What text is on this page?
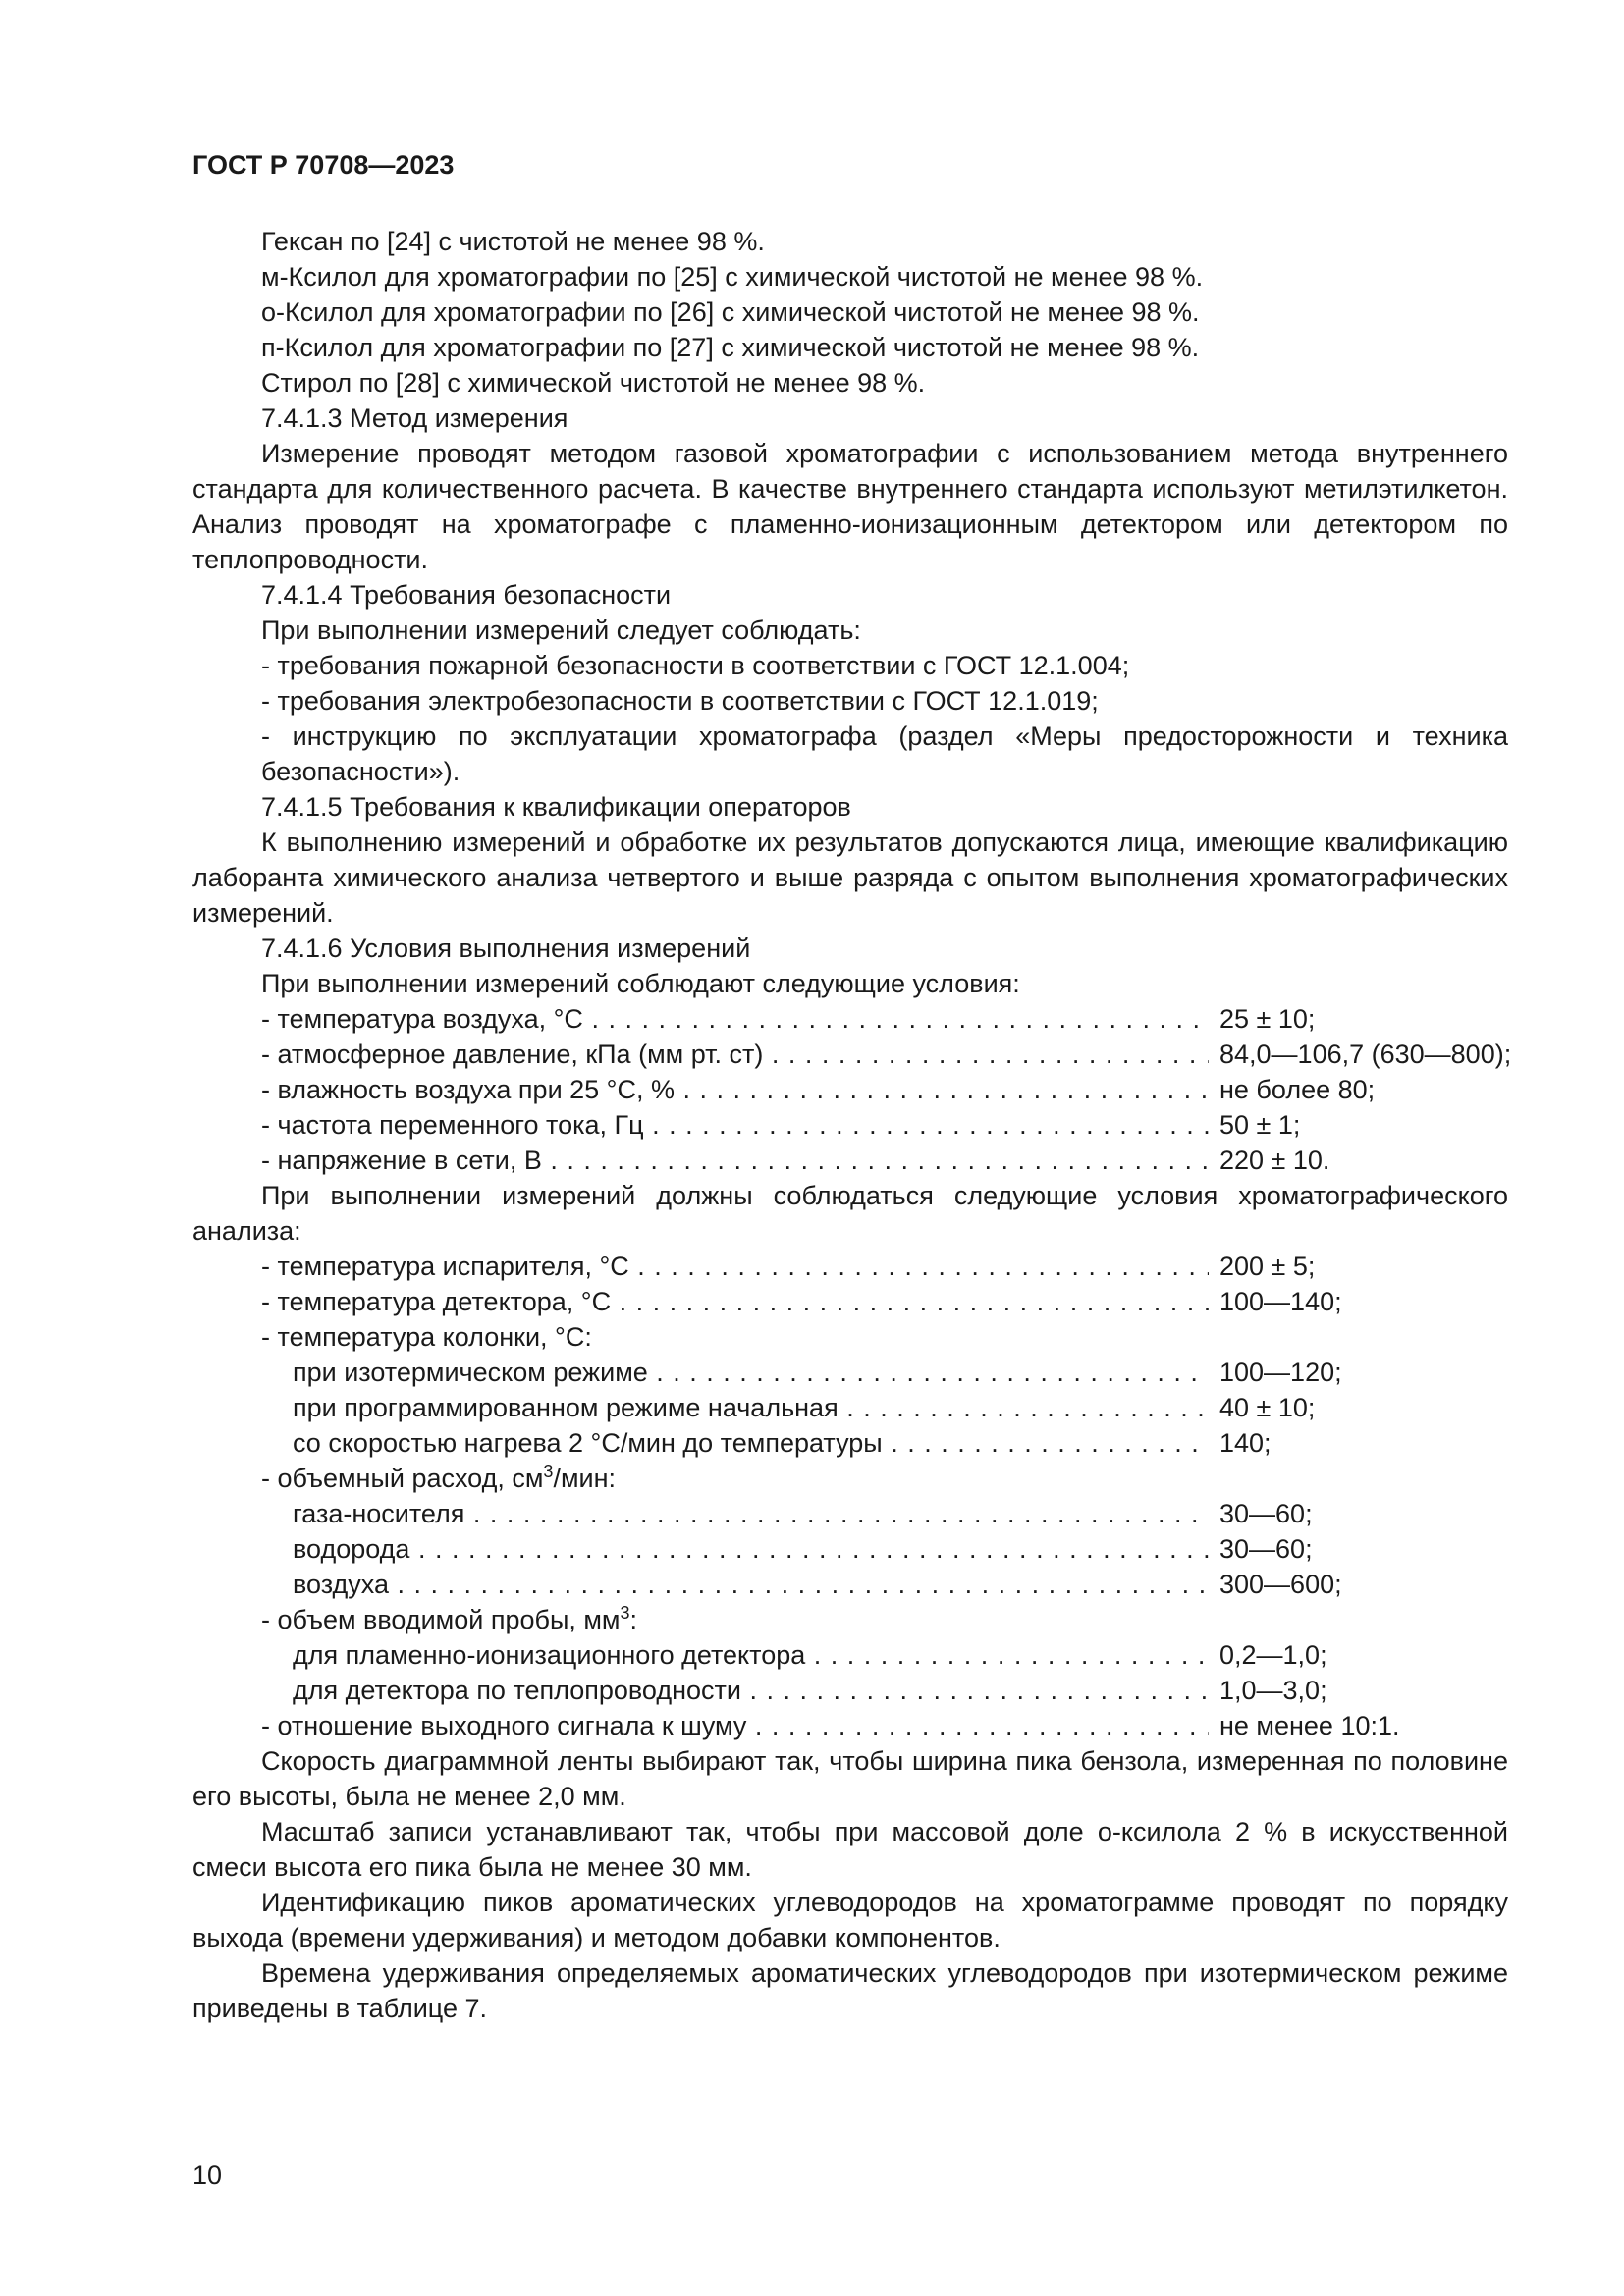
ГОСТ Р 70708—2023

Гексан по [24] с чистотой не менее 98 %.

м-Ксилол для хроматографии по [25] с химической чистотой не менее 98 %.

о-Ксилол для хроматографии по [26] с химической чистотой не менее 98 %.

п-Ксилол для хроматографии по [27] с химической чистотой не менее 98 %.

Стирол по [28] с химической чистотой не менее 98 %.

7.4.1.3 Метод измерения

Измерение проводят методом газовой хроматографии с использованием метода внутреннего стандарта для количественного расчета. В качестве внутреннего стандарта используют метилэтилкетон. Анализ проводят на хроматографе с пламенно-ионизационным детектором или детектором по теплопроводности.

7.4.1.4 Требования безопасности

При выполнении измерений следует соблюдать:

- требования пожарной безопасности в соответствии с ГОСТ 12.1.004;

- требования электробезопасности в соответствии с ГОСТ 12.1.019;

- инструкцию по эксплуатации хроматографа (раздел «Меры предосторожности и техника безопасности»).

7.4.1.5 Требования к квалификации операторов

К выполнению измерений и обработке их результатов допускаются лица, имеющие квалификацию лаборанта химического анализа четвертого и выше разряда с опытом выполнения хроматографических измерений.

7.4.1.6 Условия выполнения измерений

При выполнении измерений соблюдают следующие условия:

- температура воздуха, °С . . .	25 ± 10;
- атмосферное давление, кПа (мм рт. ст) . . .	84,0—106,7 (630—800);
- влажность воздуха при 25 °С, % . . .	не более 80;
- частота переменного тока, Гц . . .	50 ± 1;
- напряжение в сети, В . . .	220 ± 10.

При выполнении измерений должны соблюдаться следующие условия хроматографического анализа:

- температура испарителя, °С . . .	200 ± 5;
- температура детектора, °С . . .	100—140;
- температура колонки, °С:
при изотермическом режиме . . .	100—120;
при программированном режиме начальная . . .	40 ± 10;
со скоростью нагрева 2 °С/мин до температуры . . .	140;
- объемный расход, $см^3$/мин:
газа-носителя . . .	30—60;
водорода . . .	30—60;
воздуха . . .	300—600;
- объем вводимой пробы, $мм^3$:
для пламенно-ионизационного детектора . . .	0,2—1,0;
для детектора по теплопроводности . . .	1,0—3,0;
- отношение выходного сигнала к шуму . . .	не менее 10:1.

Скорость диаграммной ленты выбирают так, чтобы ширина пика бензола, измеренная по половине его высоты, была не менее 2,0 мм.

Масштаб записи устанавливают так, чтобы при массовой доле о-ксилола 2 % в искусственной смеси высота его пика была не менее 30 мм.

Идентификацию пиков ароматических углеводородов на хроматограмме проводят по порядку выхода (времени удерживания) и методом добавки компонентов.

Времена удерживания определяемых ароматических углеводородов при изотермическом режиме приведены в таблице 7.

10
